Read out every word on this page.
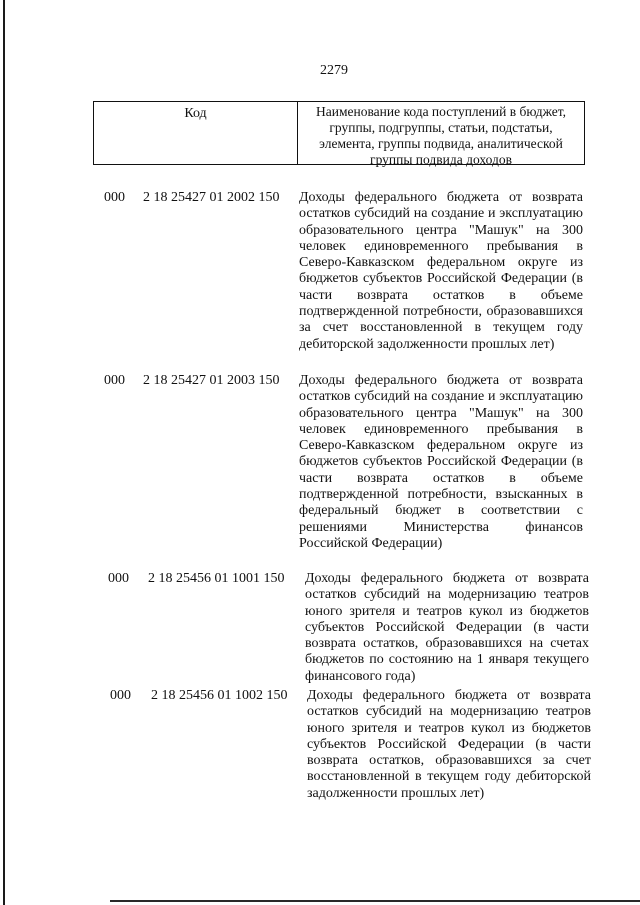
2279
Код	Наименование кода поступлений в бюджет, группы, подгруппы, статьи, подстатьи, элемента, группы подвида, аналитической группы подвида доходов
000 2 18 25427 01 2002 150 Доходы федерального бюджета от возврата остатков субсидий на создание и эксплуатацию образовательного центра "Машук" на 300 человек единовременного пребывания в Северо-Кавказском федеральном округе из бюджетов субъектов Российской Федерации (в части возврата остатков в объеме подтвержденной потребности, образовавшихся за счет восстановленной в текущем году дебиторской задолженности прошлых лет)
000 2 18 25427 01 2003 150 Доходы федерального бюджета от возврата остатков субсидий на создание и эксплуатацию образовательного центра "Машук" на 300 человек единовременного пребывания в Северо-Кавказском федеральном округе из бюджетов субъектов Российской Федерации (в части возврата остатков в объеме подтвержденной потребности, взысканных в федеральный бюджет в соответствии с решениями Министерства финансов Российской Федерации)
000 2 18 25456 01 1001 150 Доходы федерального бюджета от возврата остатков субсидий на модернизацию театров юного зрителя и театров кукол из бюджетов субъектов Российской Федерации (в части возврата остатков, образовавшихся на счетах бюджетов по состоянию на 1 января текущего финансового года)
000 2 18 25456 01 1002 150 Доходы федерального бюджета от возврата остатков субсидий на модернизацию театров юного зрителя и театров кукол из бюджетов субъектов Российской Федерации (в части возврата остатков, образовавшихся за счет восстановленной в текущем году дебиторской задолженности прошлых лет)
